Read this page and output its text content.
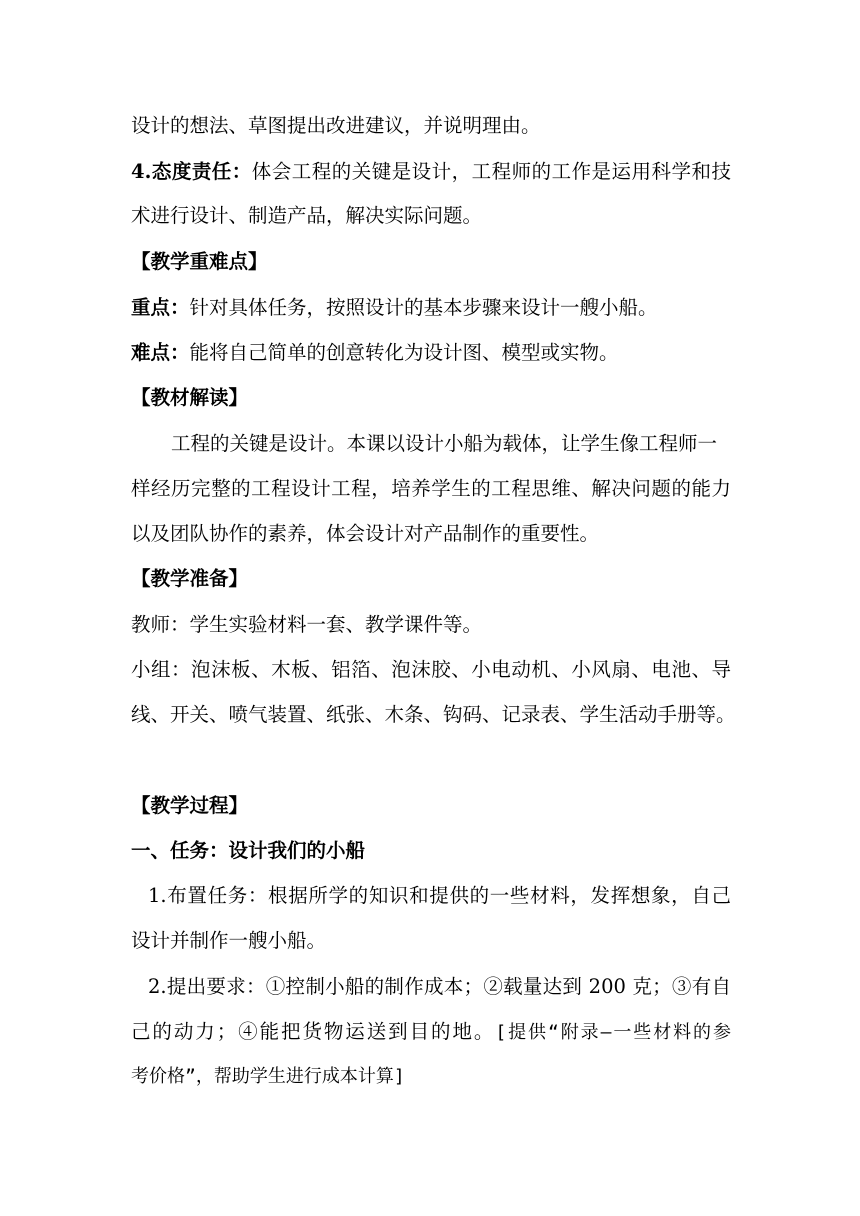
设计的想法、草图提出改进建议，并说明理由。
4.态度责任：体会工程的关键是设计，工程师的工作是运用科学和技
术进行设计、制造产品，解决实际问题。
【教学重难点】
重点：针对具体任务，按照设计的基本步骤来设计一艘小船。
难点：能将自己简单的创意转化为设计图、模型或实物。
【教材解读】
工程的关键是设计。本课以设计小船为载体，让学生像工程师一
样经历完整的工程设计工程，培养学生的工程思维、解决问题的能力
以及团队协作的素养，体会设计对产品制作的重要性。
【教学准备】
教师：学生实验材料一套、教学课件等。
小组：泡沫板、木板、铝箔、泡沫胶、小电动机、小风扇、电池、导
线、开关、喷气装置、纸张、木条、钩码、记录表、学生活动手册等。
【教学过程】
一、任务：设计我们的小船
1.布置任务：根据所学的知识和提供的一些材料，发挥想象，自己
设计并制作一艘小船。
2.提出要求：①控制小船的制作成本；②载量达到 200 克；③有自
己的动力；④能把货物运送到目的地。[提供“附录—一些材料的参
考价格”，帮助学生进行成本计算]
